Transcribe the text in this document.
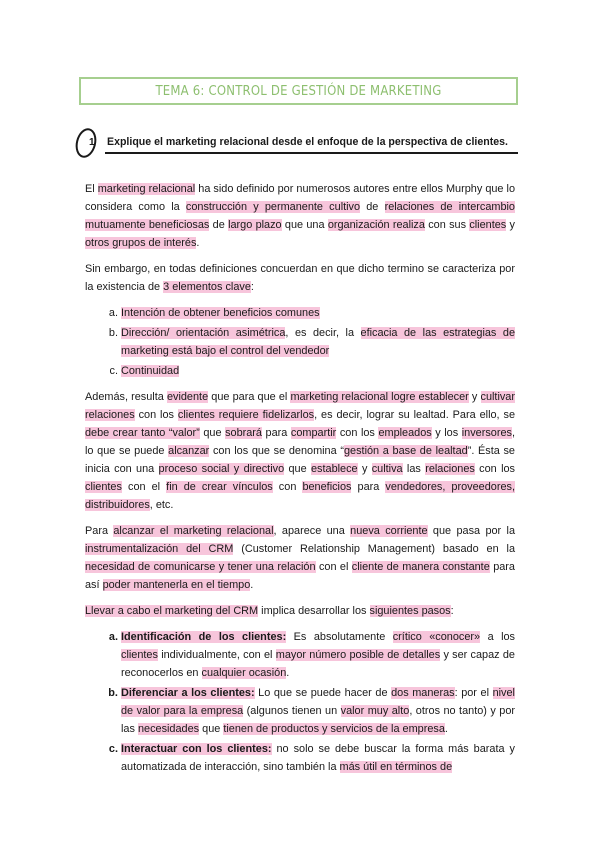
TEMA 6: CONTROL DE GESTIÓN DE MARKETING
1 Explique el marketing relacional desde el enfoque de la perspectiva de clientes.

El marketing relacional ha sido definido por numerosos autores entre ellos Murphy que lo considera como la construcción y permanente cultivo de relaciones de intercambio mutuamente beneficiosas de largo plazo que una organización realiza con sus clientes y otros grupos de interés.

Sin embargo, en todas definiciones concuerdan en que dicho termino se caracteriza por la existencia de 3 elementos clave:

a. Intención de obtener beneficios comunes
b. Dirección/ orientación asimétrica, es decir, la eficacia de las estrategias de marketing está bajo el control del vendedor
c. Continuidad

Además, resulta evidente que para que el marketing relacional logre establecer y cultivar relaciones con los clientes requiere fidelizarlos, es decir, lograr su lealtad. Para ello, se debe crear tanto “valor” que sobrará para compartir con los empleados y los inversores, lo que se puede alcanzar con los que se denomina “gestión a base de lealtad”. Ésta se inicia con una proceso social y directivo que establece y cultiva las relaciones con los clientes con el fin de crear vínculos con beneficios para vendedores, proveedores, distribuidores, etc.

Para alcanzar el marketing relacional, aparece una nueva corriente que pasa por la instrumentalización del CRM (Customer Relationship Management) basado en la necesidad de comunicarse y tener una relación con el cliente de manera constante para así poder mantenerla en el tiempo.

Llevar a cabo el marketing del CRM implica desarrollar los siguientes pasos:

a. Identificación de los clientes: Es absolutamente crítico «conocer» a los clientes individualmente, con el mayor número posible de detalles y ser capaz de reconocerlos en cualquier ocasión.
b. Diferenciar a los clientes: Lo que se puede hacer de dos maneras: por el nivel de valor para la empresa (algunos tienen un valor muy alto, otros no tanto) y por las necesidades que tienen de productos y servicios de la empresa.
c. Interactuar con los clientes: no solo se debe buscar la forma más barata y automatizada de interacción, sino también la más útil en términos de
